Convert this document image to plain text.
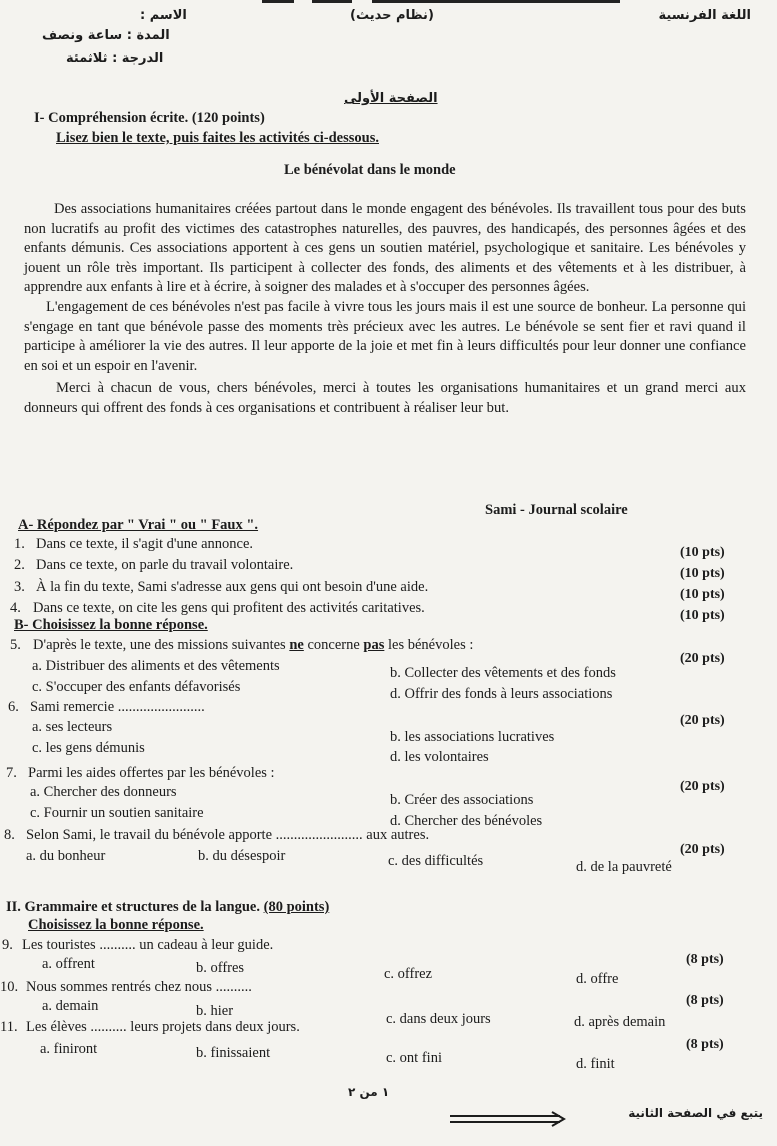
اللغة الفرنسية
(نظام حديث)
الاسم :
المدة : ساعة ونصف
الدرجة : ثلاثمئة
الصفحة الأولى
I- Compréhension écrite. (120 points)
Lisez bien le texte, puis faites les activités ci-dessous.
Le bénévolat dans le monde

Des associations humanitaires créées partout dans le monde engagent des bénévoles. Ils travaillent tous pour des buts non lucratifs au profit des victimes des catastrophes naturelles, des pauvres, des handicapés, des personnes âgées et des enfants démunis. Ces associations apportent à ces gens un soutien matériel, psychologique et sanitaire. Les bénévoles y jouent un rôle très important. Ils participent à collecter des fonds, des aliments et des vêtements et à les distribuer, à apprendre aux enfants à lire et à écrire, à soigner des malades et à s'occuper des personnes âgées.

L'engagement de ces bénévoles n'est pas facile à vivre tous les jours mais il est une source de bonheur. La personne qui s'engage en tant que bénévole passe des moments très précieux avec les autres. Le bénévole se sent fier et ravi quand il participe à améliorer la vie des autres. Il leur apporte de la joie et met fin à leurs difficultés pour leur donner une confiance en soi et un espoir en l'avenir.

Merci à chacun de vous, chers bénévoles, merci à toutes les organisations humanitaires et un grand merci aux donneurs qui offrent des fonds à ces organisations et contribuent à réaliser leur but.

Sami - Journal scolaire
A- Répondez par " Vrai " ou " Faux ".
1. Dans ce texte, il s'agit d'une annonce.
(10 pts)
2. Dans ce texte, on parle du travail volontaire.
(10 pts)
3. À la fin du texte, Sami s'adresse aux gens qui ont besoin d'une aide.	(10 pts)
4. Dans ce texte, on cite les gens qui profitent des activités caritatives.	(10 pts)
B- Choisissez la bonne réponse.
5. D'après le texte, une des missions suivantes ne concerne pas les bénévoles :
(20 pts)
a. Distribuer des aliments et des vêtements	b. Collecter des vêtements et des fonds
c. S'occuper des enfants défavorisés	d. Offrir des fonds à leurs associations
6. Sami remercie ........................
(20 pts)
a. ses lecteurs
b. les associations lucratives
c. les gens démunis
d. les volontaires
7. Parmi les aides offertes par les bénévoles :
(20 pts)
a. Chercher des donneurs	b. Créer des associations
c. Fournir un soutien sanitaire	d. Chercher des bénévoles
8. Selon Sami, le travail du bénévole apporte ........................ aux autres.
(20 pts)
a. du bonheur	b. du désespoir	c. des difficultés	d. de la pauvreté
II. Grammaire et structures de la langue. (80 points)
Choisissez la bonne réponse.
9. Les touristes .......... un cadeau à leur guide.
(8 pts)
a. offrent	b. offres	c. offrez	d. offre
10. Nous sommes rentrés chez nous ..........
(8 pts)
a. demain	b. hier	c. dans deux jours	d. après demain
11. Les élèves .......... leurs projets dans deux jours.
(8 pts)
a. finiront	b. finissaient	c. ont fini	d. finit
١ من ٢
يتبع في الصفحة الثانية
